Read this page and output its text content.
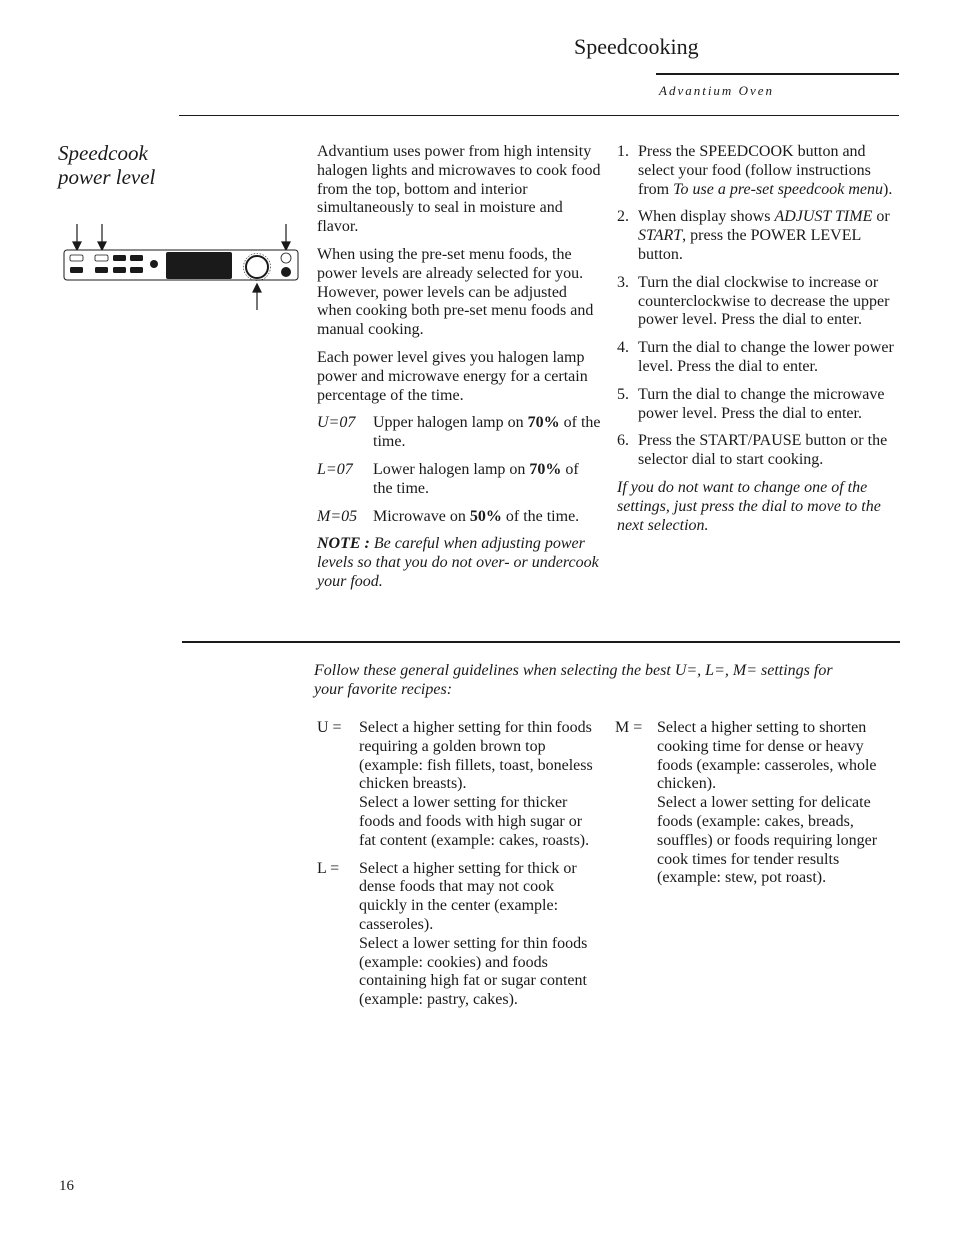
Speedcooking
Advantium Oven
Speedcook
power level

Advantium uses power from high intensity halogen lights and microwaves to cook food from the top, bottom and interior simultaneously to seal in moisture and flavor.

When using the pre-set menu foods, the power levels are already selected for you. However, power levels can be adjusted when cooking both pre-set menu foods and manual cooking.

Each power level gives you halogen lamp power and microwave energy for a certain percentage of the time.

U=07	Upper halogen lamp on 70% of the time.
L=07	Lower halogen lamp on 70% of the time.
M=05 Microwave on 50% of the time.

NOTE : Be careful when adjusting power levels so that you do not over- or undercook your food.

1. Press the SPEEDCOOK button and select your food (follow instructions from To use a pre-set speedcook menu).
2. When display shows ADJUST TIME or START, press the POWER LEVEL button.
3. Turn the dial clockwise to increase or counterclockwise to decrease the upper power level. Press the dial to enter.
4. Turn the dial to change the lower power level. Press the dial to enter.
5. Turn the dial to change the microwave power level. Press the dial to enter.
6. Press the START/PAUSE button or the selector dial to start cooking.

If you do not want to change one of the settings, just press the dial to move to the next selection.

Follow these general guidelines when selecting the best U=, L=, M= settings for your favorite recipes:
U =	Select a higher setting for thin foods requiring a golden brown top (example: fish fillets, toast, boneless chicken breasts).
Select a lower setting for thicker foods and foods with high sugar or fat content (example: cakes, roasts).
L =	Select a higher setting for thick or dense foods that may not cook quickly in the center (example: casseroles).
Select a lower setting for thin foods (example: cookies) and foods containing high fat or sugar content (example: pastry, cakes).
M = Select a higher setting to shorten cooking time for dense or heavy foods (example: casseroles, whole chicken).
Select a lower setting for delicate foods (example: cakes, breads, souffles) or foods requiring longer cook times for tender results (example: stew, pot roast).
16
